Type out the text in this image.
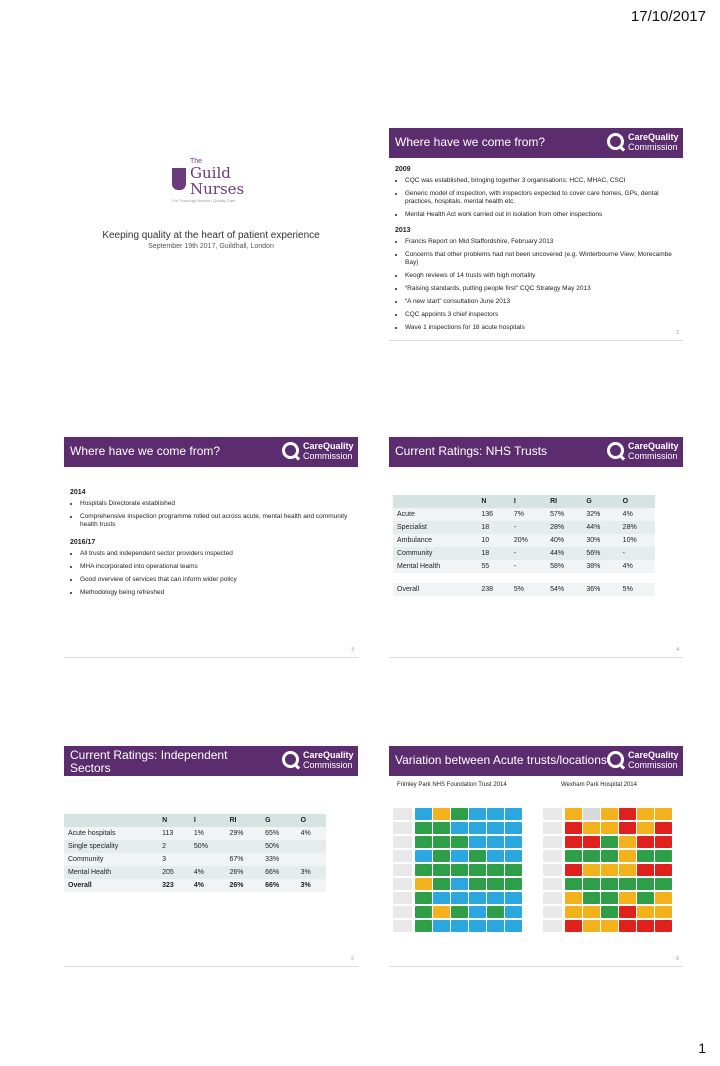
17/10/2017
The
Guild
Nurses
For Thorough Nurses / Quality Care
Keeping quality at the heart of patient experience
September 19th 2017, Guildhall, London
Where have we come from?	CareQuality
Commission
2009
• CQC was established, bringing together 3 organisations: HCC, MHAC, CSCI
• Generic model of inspection, with inspectors expected to cover care homes, GPs, dental practices, hospitals, mental health etc.
• Mental Health Act work carried out in isolation from other inspections
2013
• Francis Report on Mid Staffordshire, February 2013
• Concerns that other problems had not been uncovered (e.g. Winterbourne View; Morecambe Bay)
• Keogh reviews of 14 trusts with high mortality
• “Raising standards, putting people first” CQC Strategy May 2013
• “A new start” consultation June 2013
• CQC appoints 3 chief inspectors
• Wave 1 inspections for 18 acute hospitals
2
Where have we come from?	CareQuality
Commission
2014
• Hospitals Directorate established
• Comprehensive inspection programme rolled out across acute, mental health and community health trusts
2016/17
• All trusts and independent sector providers inspected
• MHA incorporated into operational teams
• Good overview of services that can inform wider policy
• Methodology being refreshed
3
Current Ratings: NHS Trusts	CareQuality
Commission
	N	I	RI	G	O
Acute	136	7%	57%	32%	4%
Specialist	18	-	28%	44%	28%
Ambulance	10	20%	40%	30%	10%
Community	18	-	44%	56%	-
Mental Health	55	-	58%	38%	4%

Overall	238	5%	54%	36%	5%
4
Current Ratings: Independent Sectors
CareQuality
Commission
	N	I	RI	G	O
Acute hospitals	113	1%	29%	65%	4%
Single speciality	2	50%		50%	
Community	3		67%	33%	
Mental Health	205	4%	26%	66%	3%
Overall	323	4%	26%	66%	3%
5
Variation between Acute trusts/locations CareQuality
Commission
Frimley Park NHS Foundation Trust 2014	Wexham Park Hospital 2014
6
1
